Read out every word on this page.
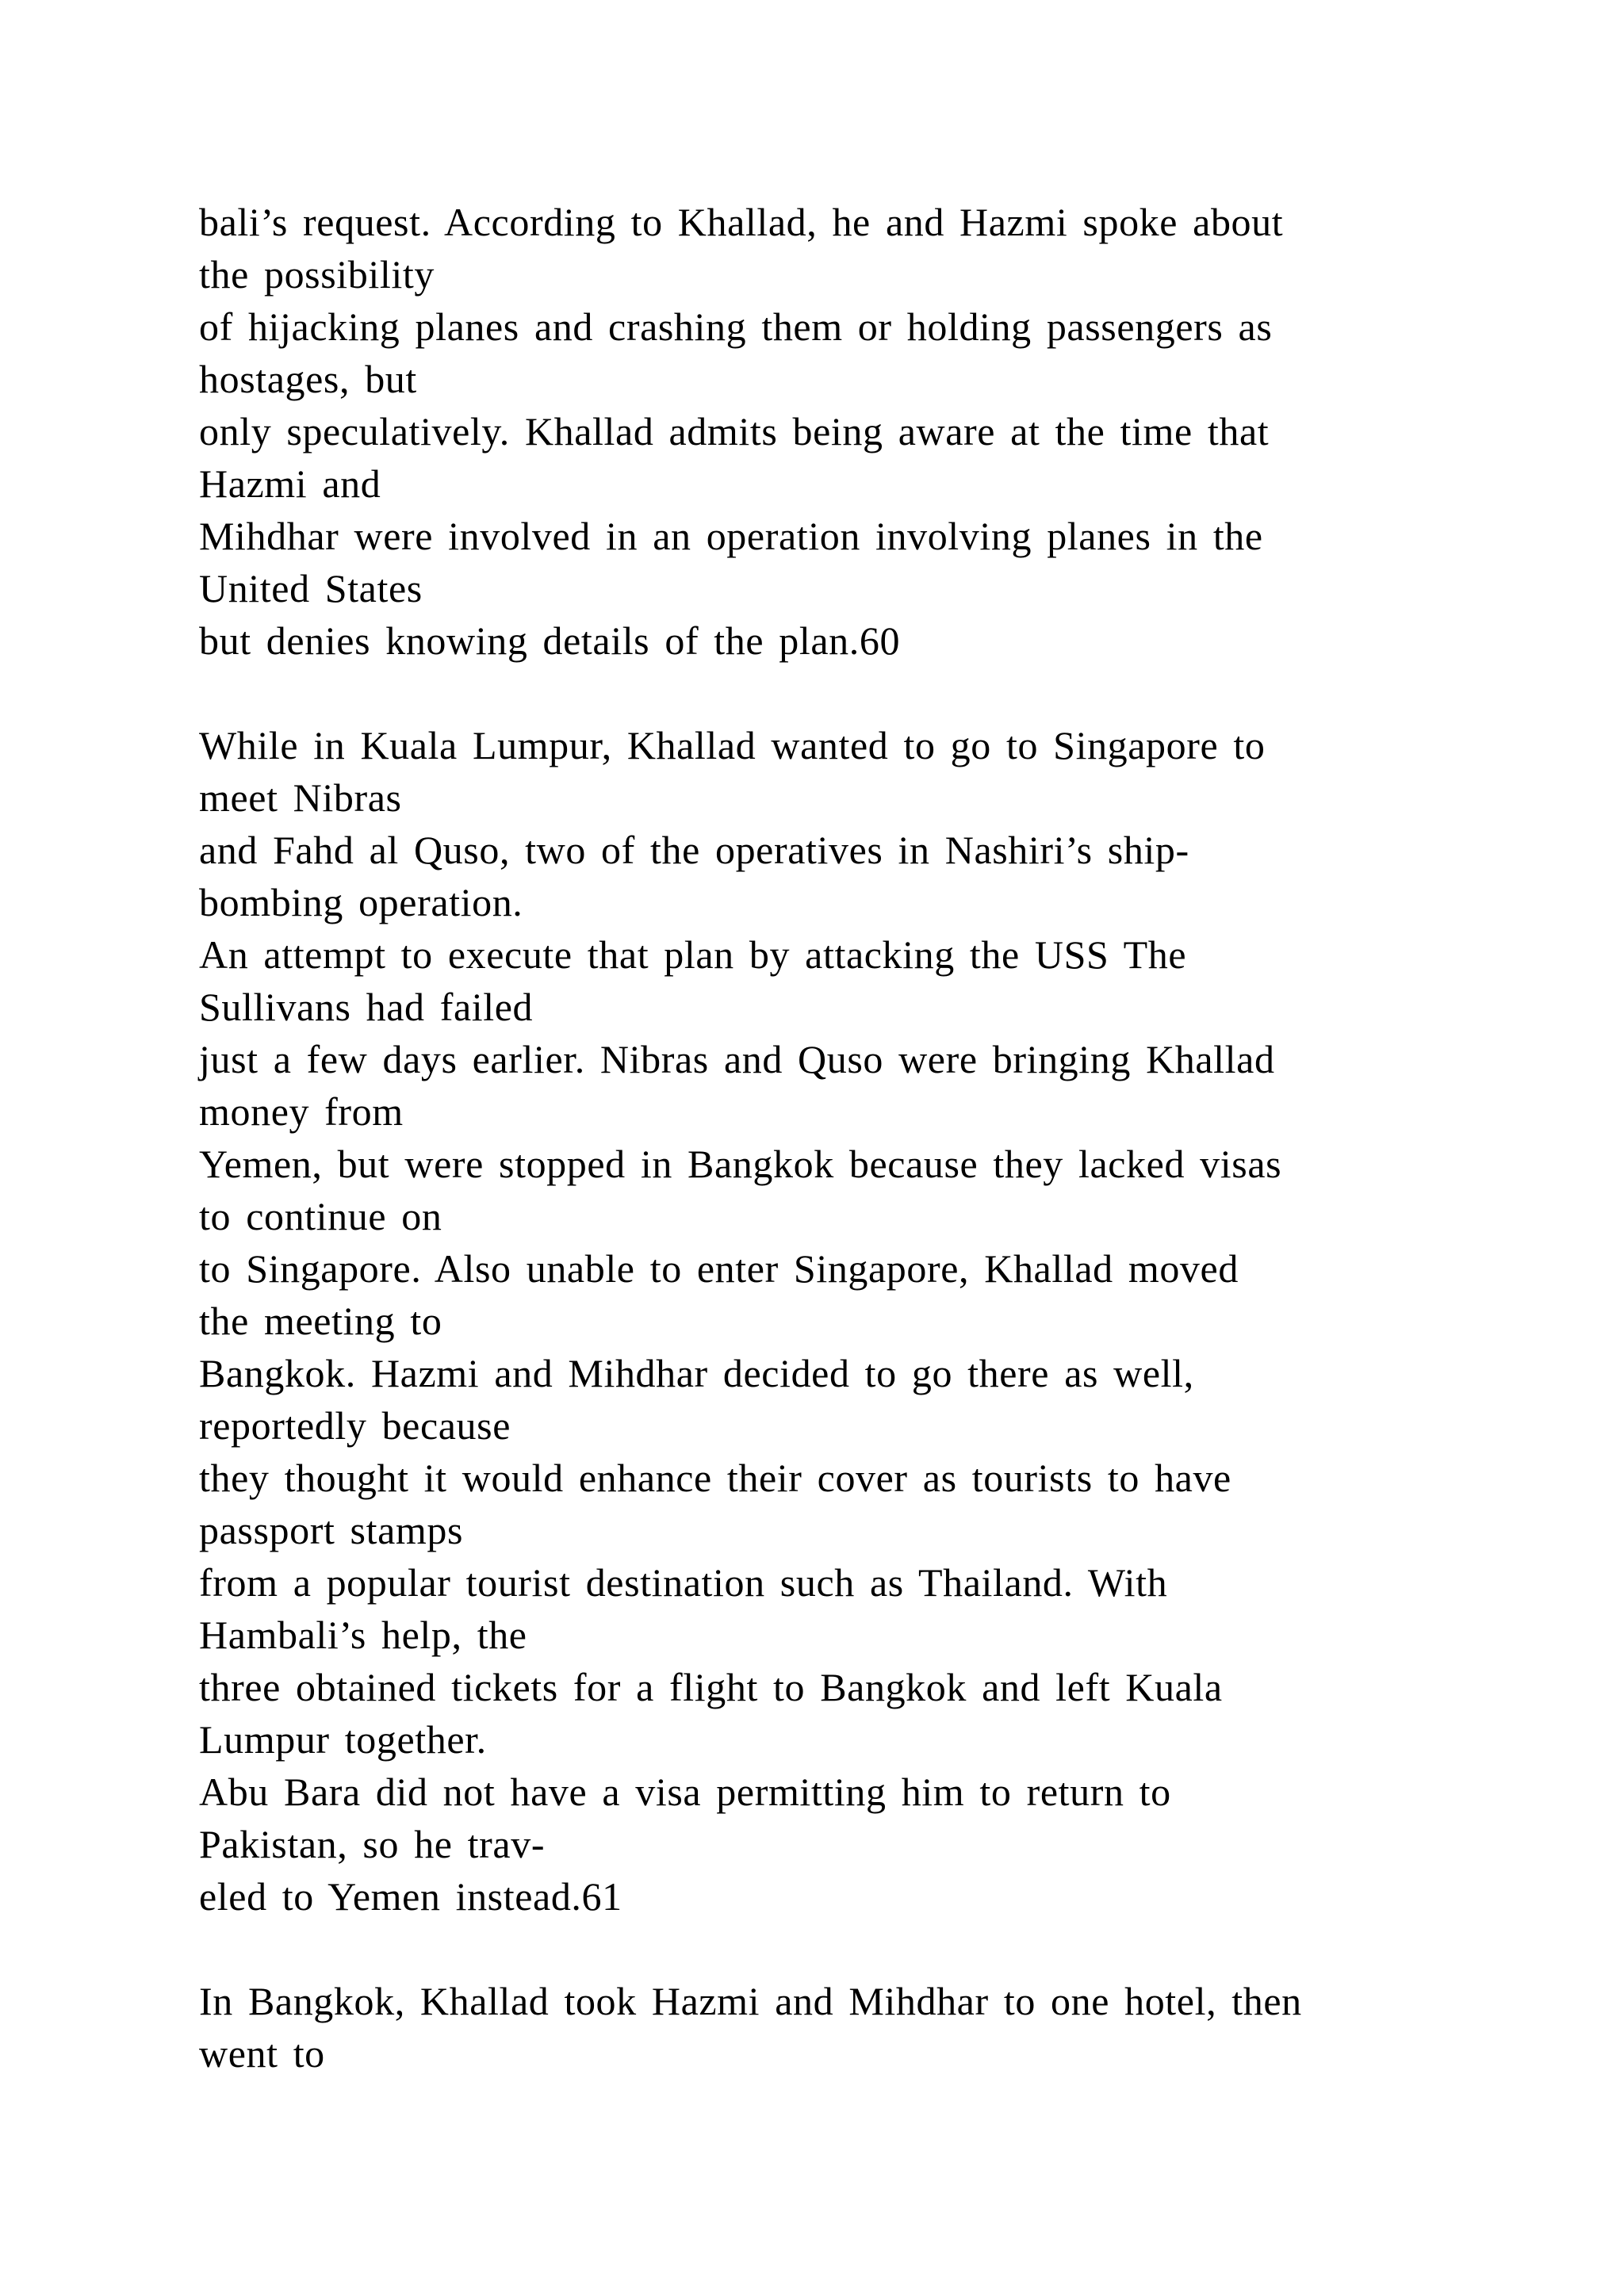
bali’s request. According to Khallad, he and Hazmi spoke about
the possibility
of hijacking planes and crashing them or holding passengers as
hostages, but
only speculatively. Khallad admits being aware at the time that
Hazmi and
Mihdhar were involved in an operation involving planes in the
United States
but denies knowing details of the plan.60

While in Kuala Lumpur, Khallad wanted to go to Singapore to
meet Nibras
and Fahd al Quso, two of the operatives in Nashiri’s ship-
bombing operation.
An attempt to execute that plan by attacking the USS The
Sullivans had failed
just a few days earlier. Nibras and Quso were bringing Khallad
money from
Yemen, but were stopped in Bangkok because they lacked visas
to continue on
to Singapore. Also unable to enter Singapore, Khallad moved
the meeting to
Bangkok. Hazmi and Mihdhar decided to go there as well,
reportedly because
they thought it would enhance their cover as tourists to have
passport stamps
from a popular tourist destination such as Thailand. With
Hambali’s help, the
three obtained tickets for a flight to Bangkok and left Kuala
Lumpur together.
Abu Bara did not have a visa permitting him to return to
Pakistan, so he trav-
eled to Yemen instead.61

In Bangkok, Khallad took Hazmi and Mihdhar to one hotel, then
went to
